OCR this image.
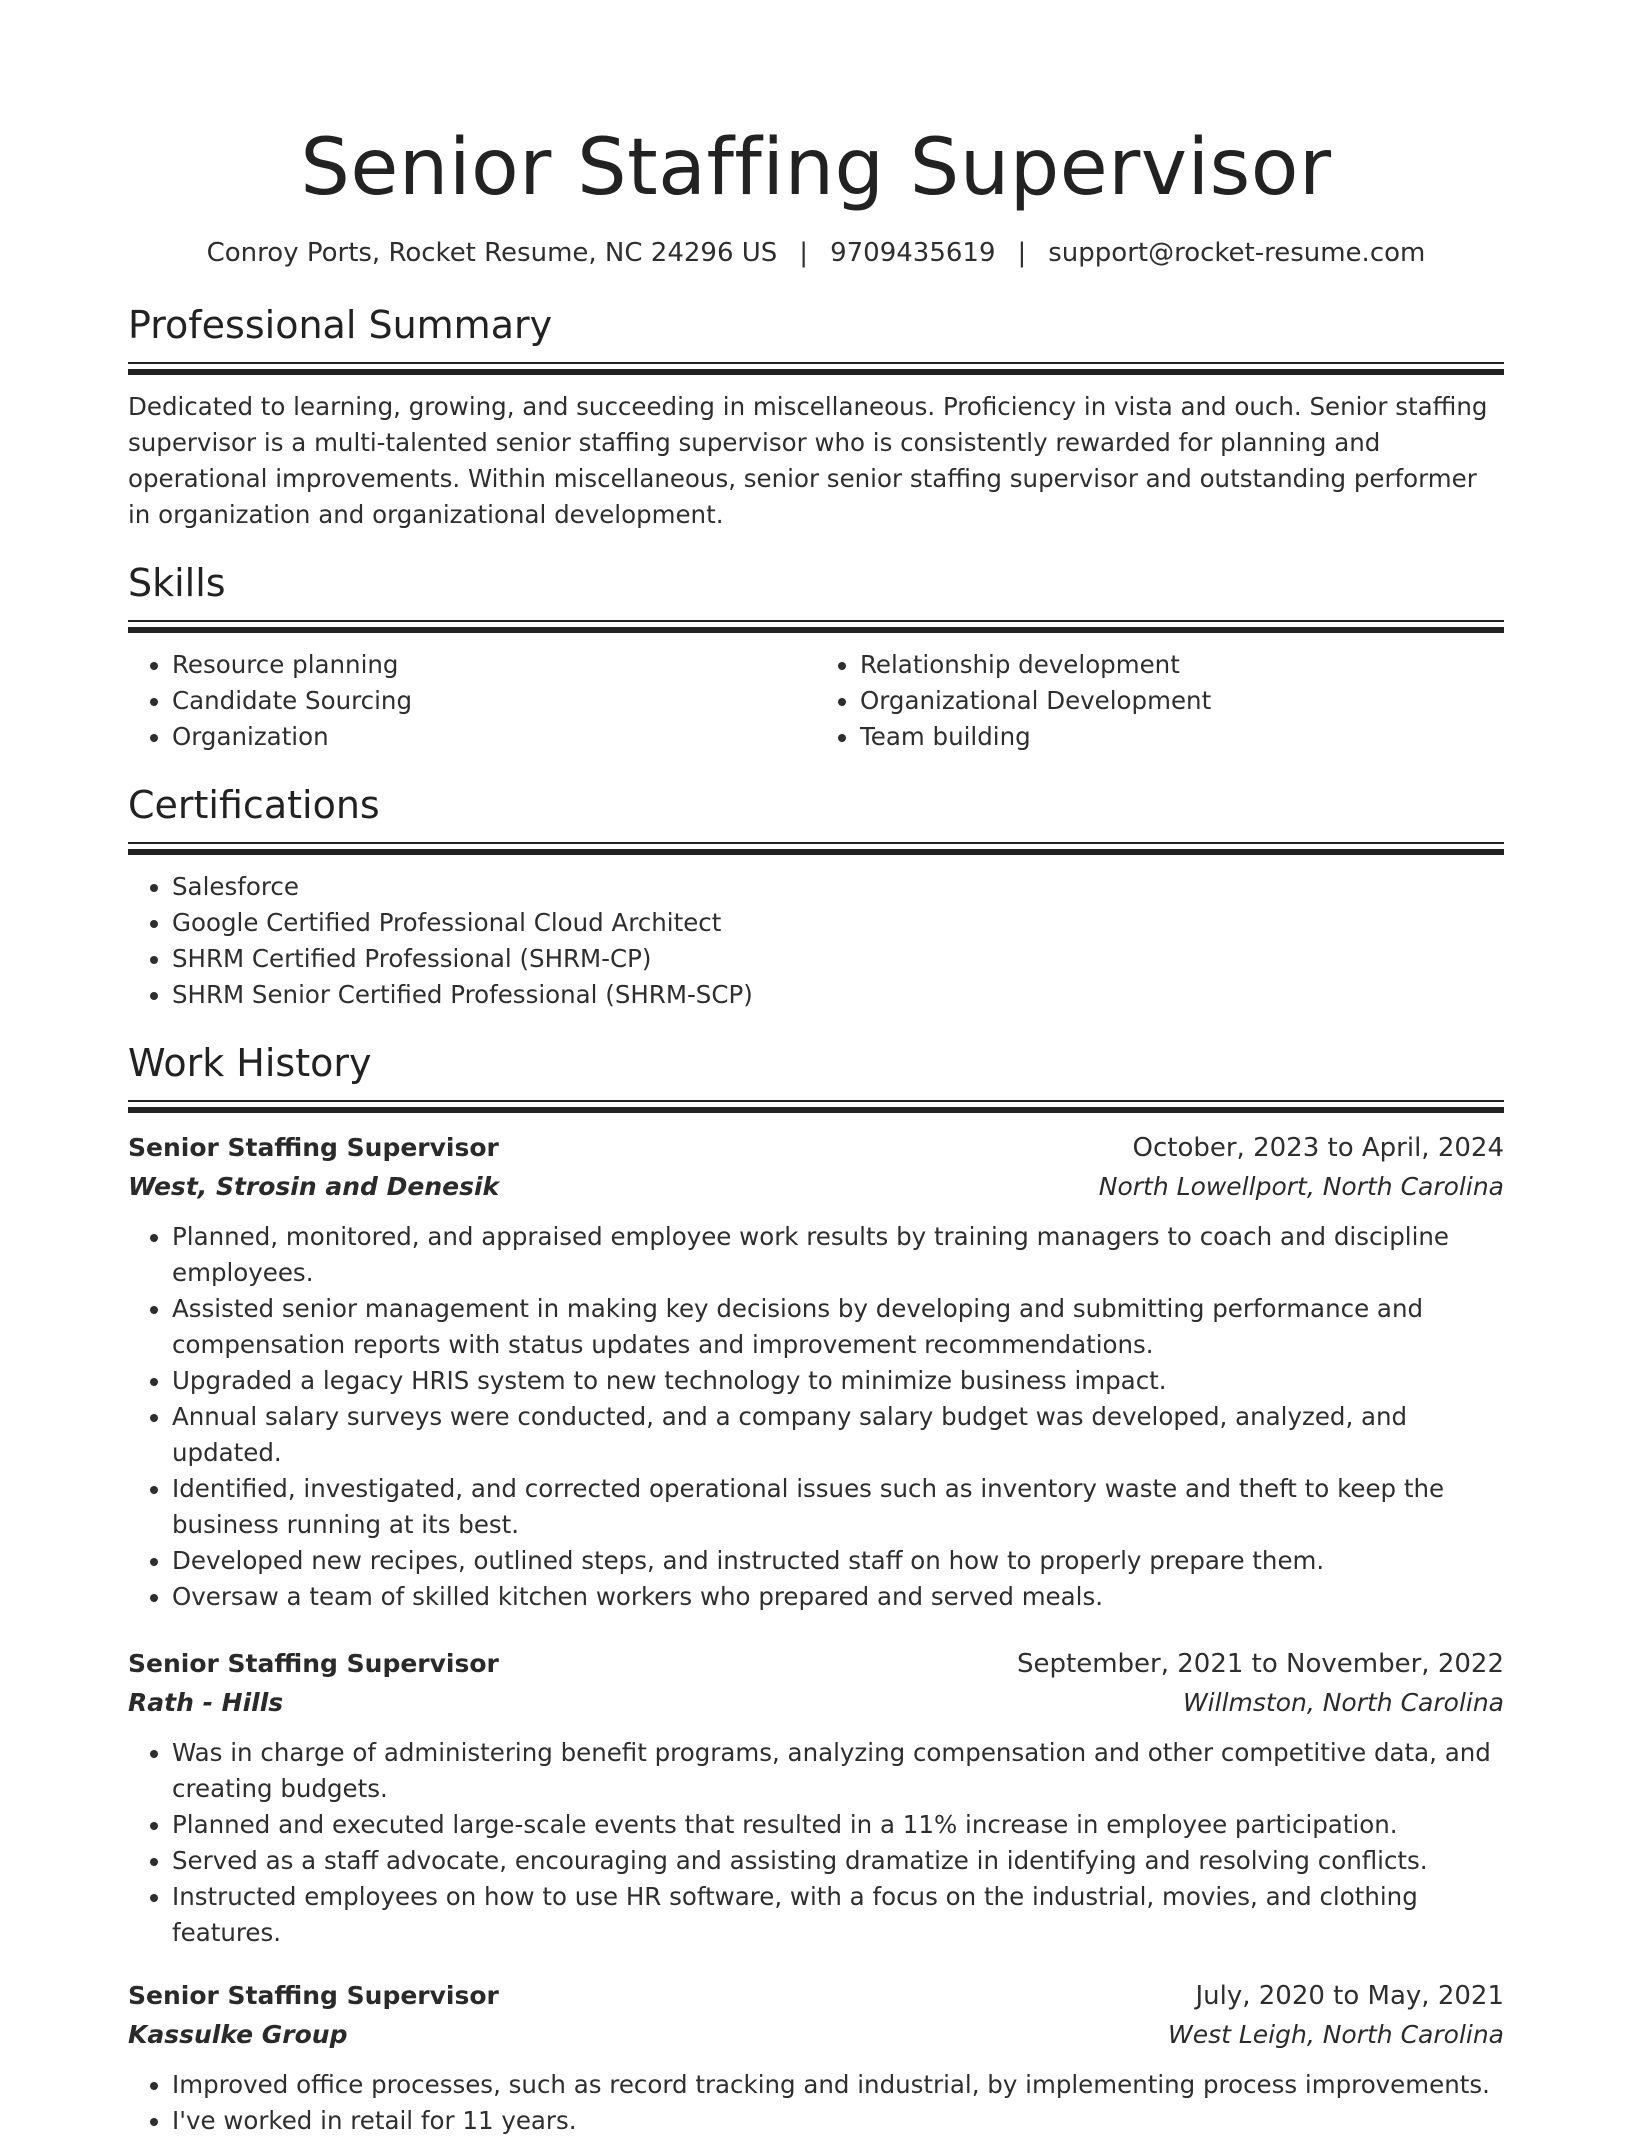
Senior Staffing Supervisor
Conroy Ports, Rocket Resume, NC 24296 US | 9709435619 | support@rocket-resume.com
Professional Summary
Dedicated to learning, growing, and succeeding in miscellaneous. Proficiency in vista and ouch. Senior staffing supervisor is a multi-talented senior staffing supervisor who is consistently rewarded for planning and operational improvements. Within miscellaneous, senior senior staffing supervisor and outstanding performer in organization and organizational development.
Skills
• Resource planning
• Candidate Sourcing
• Organization
• Relationship development
• Organizational Development
• Team building
Certifications
• Salesforce
• Google Certified Professional Cloud Architect
• SHRM Certified Professional (SHRM-CP)
• SHRM Senior Certified Professional (SHRM-SCP)
Work History
Senior Staffing Supervisor	October, 2023 to April, 2024
West, Strosin and Denesik	North Lowellport, North Carolina
• Planned, monitored, and appraised employee work results by training managers to coach and discipline employees.
• Assisted senior management in making key decisions by developing and submitting performance and compensation reports with status updates and improvement recommendations.
• Upgraded a legacy HRIS system to new technology to minimize business impact.
• Annual salary surveys were conducted, and a company salary budget was developed, analyzed, and updated.
• Identified, investigated, and corrected operational issues such as inventory waste and theft to keep the business running at its best.
• Developed new recipes, outlined steps, and instructed staff on how to properly prepare them.
• Oversaw a team of skilled kitchen workers who prepared and served meals.
Senior Staffing Supervisor	September, 2021 to November, 2022
Rath - Hills	Willmston, North Carolina
• Was in charge of administering benefit programs, analyzing compensation and other competitive data, and creating budgets.
• Planned and executed large-scale events that resulted in a 11% increase in employee participation.
• Served as a staff advocate, encouraging and assisting dramatize in identifying and resolving conflicts.
• Instructed employees on how to use HR software, with a focus on the industrial, movies, and clothing features.
Senior Staffing Supervisor	July, 2020 to May, 2021
Kassulke Group	West Leigh, North Carolina
• Improved office processes, such as record tracking and industrial, by implementing process improvements.
• I've worked in retail for 11 years.
